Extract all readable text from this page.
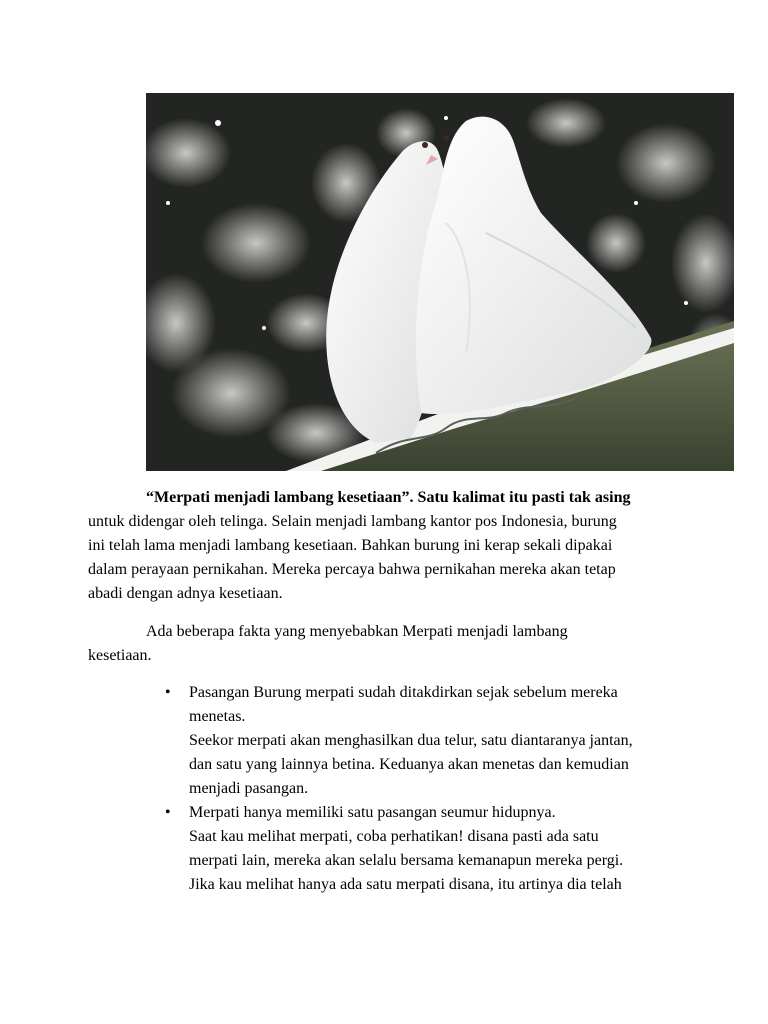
“Merpati menjadi lambang kesetiaan”. Satu kalimat itu pasti tak asing
untuk didengar oleh telinga. Selain menjadi lambang kantor pos Indonesia, burung
ini telah lama menjadi lambang kesetiaan. Bahkan burung ini kerap sekali dipakai
dalam perayaan pernikahan. Mereka percaya bahwa pernikahan mereka akan tetap
abadi dengan adnya kesetiaan.

Ada beberapa fakta yang menyebabkan Merpati menjadi lambang
kesetiaan.

• Pasangan Burung merpati sudah ditakdirkan sejak sebelum mereka
menetas.
Seekor merpati akan menghasilkan dua telur, satu diantaranya jantan,
dan satu yang lainnya betina. Keduanya akan menetas dan kemudian
menjadi pasangan.
• Merpati hanya memiliki satu pasangan seumur hidupnya.
Saat kau melihat merpati, coba perhatikan! disana pasti ada satu
merpati lain, mereka akan selalu bersama kemanapun mereka pergi.
Jika kau melihat hanya ada satu merpati disana, itu artinya dia telah
